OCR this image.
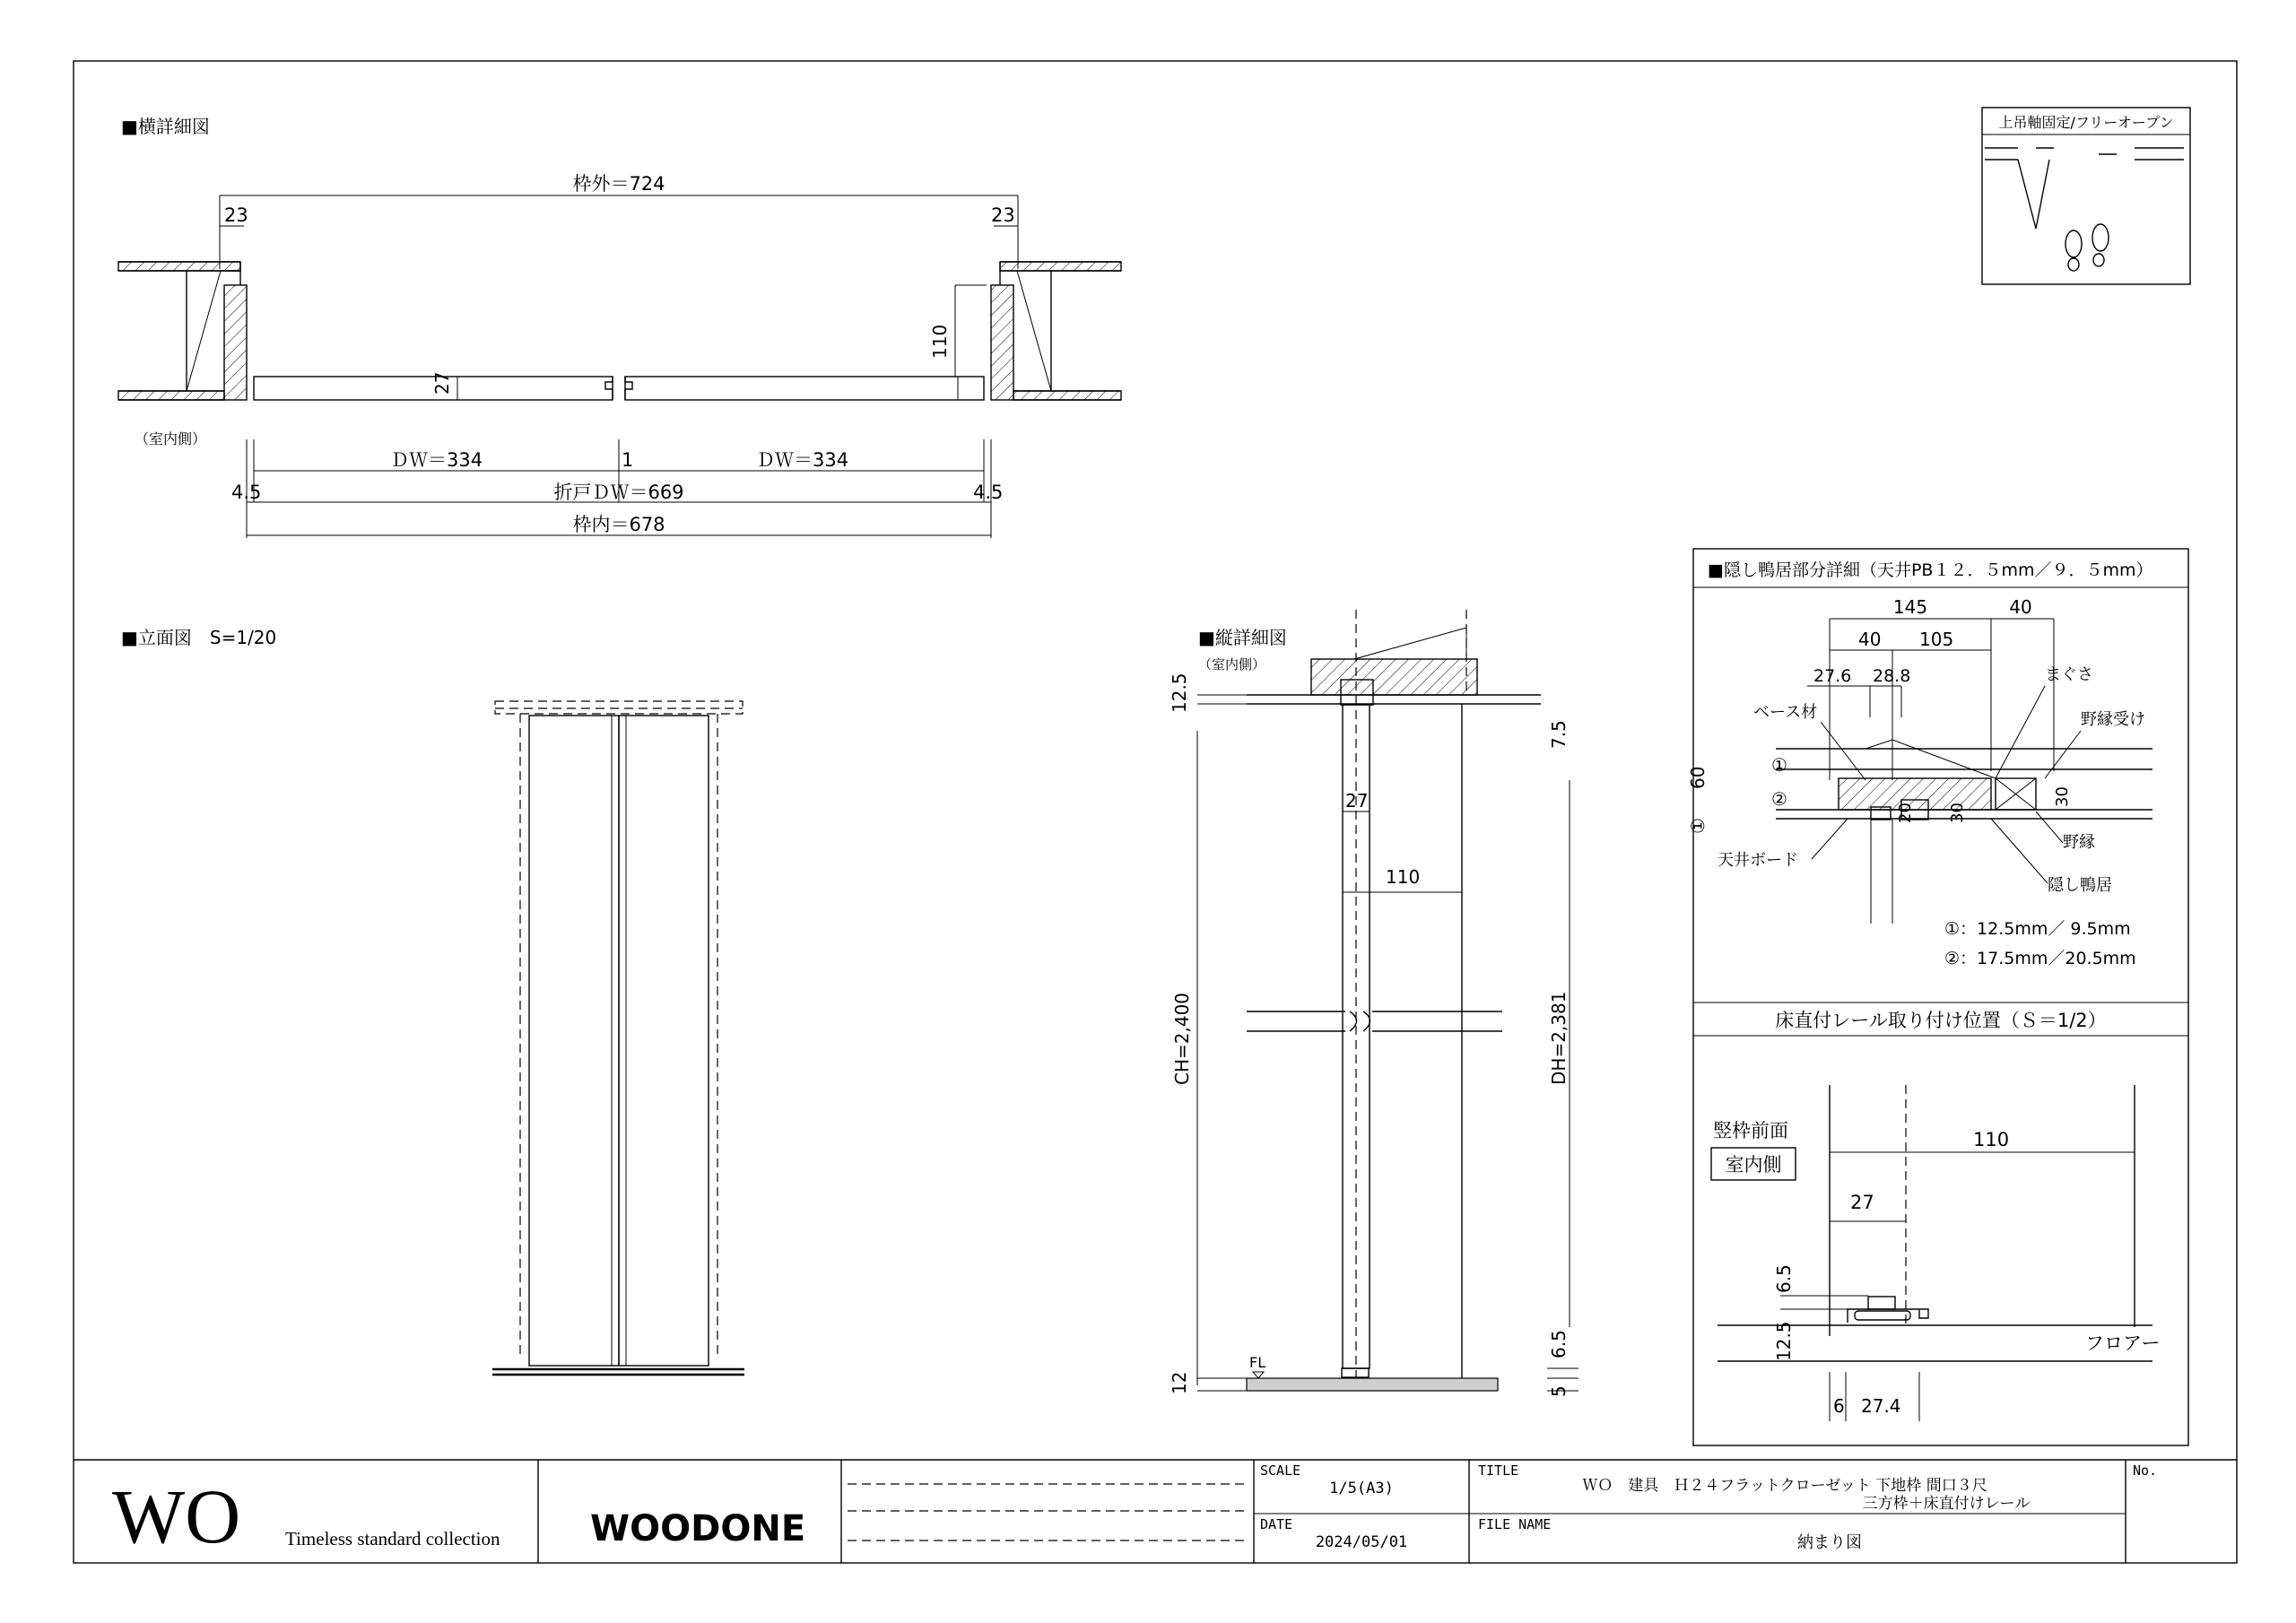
■横詳細図
枠外＝724
23	23
27
110
（室内側）
ＤＷ＝334	1	ＤＷ＝334
4.5	4.5
折戸ＤＷ＝669
枠内＝678
■立面図　S=1/20	■縦詳細図
（室内側）
12.5
7.5
27
110
CH=2,400	DH=2,381
FL
12
6.5
5
上吊軸固定/フリーオープン
■隠し鴨居部分詳細（天井PB１２．５mm／９．５mm）
145	40
40 105
27.6 28.8
20 30
30
60
①
①
②
まぐさ
ベース材	野縁受け
野縁
天井ボード
隠し鴨居
①：12.5mm／ 9.5mm
②：17.5mm／20.5mm
床直付レール取り付け位置（Ｓ＝1/2）
竪枠前面
室内側
110
27
6.5
12.5	フロアー
6 27.4
WO Timeless standard collection	WOODONE
SCALE
1/5(A3)
DATE
2024/05/01
TITLE
ＷＯ　建具　Ｈ２４フラットクローゼット 下地枠 間口３尺
三方枠＋床直付けレール
FILE NAME
納まり図
No.
